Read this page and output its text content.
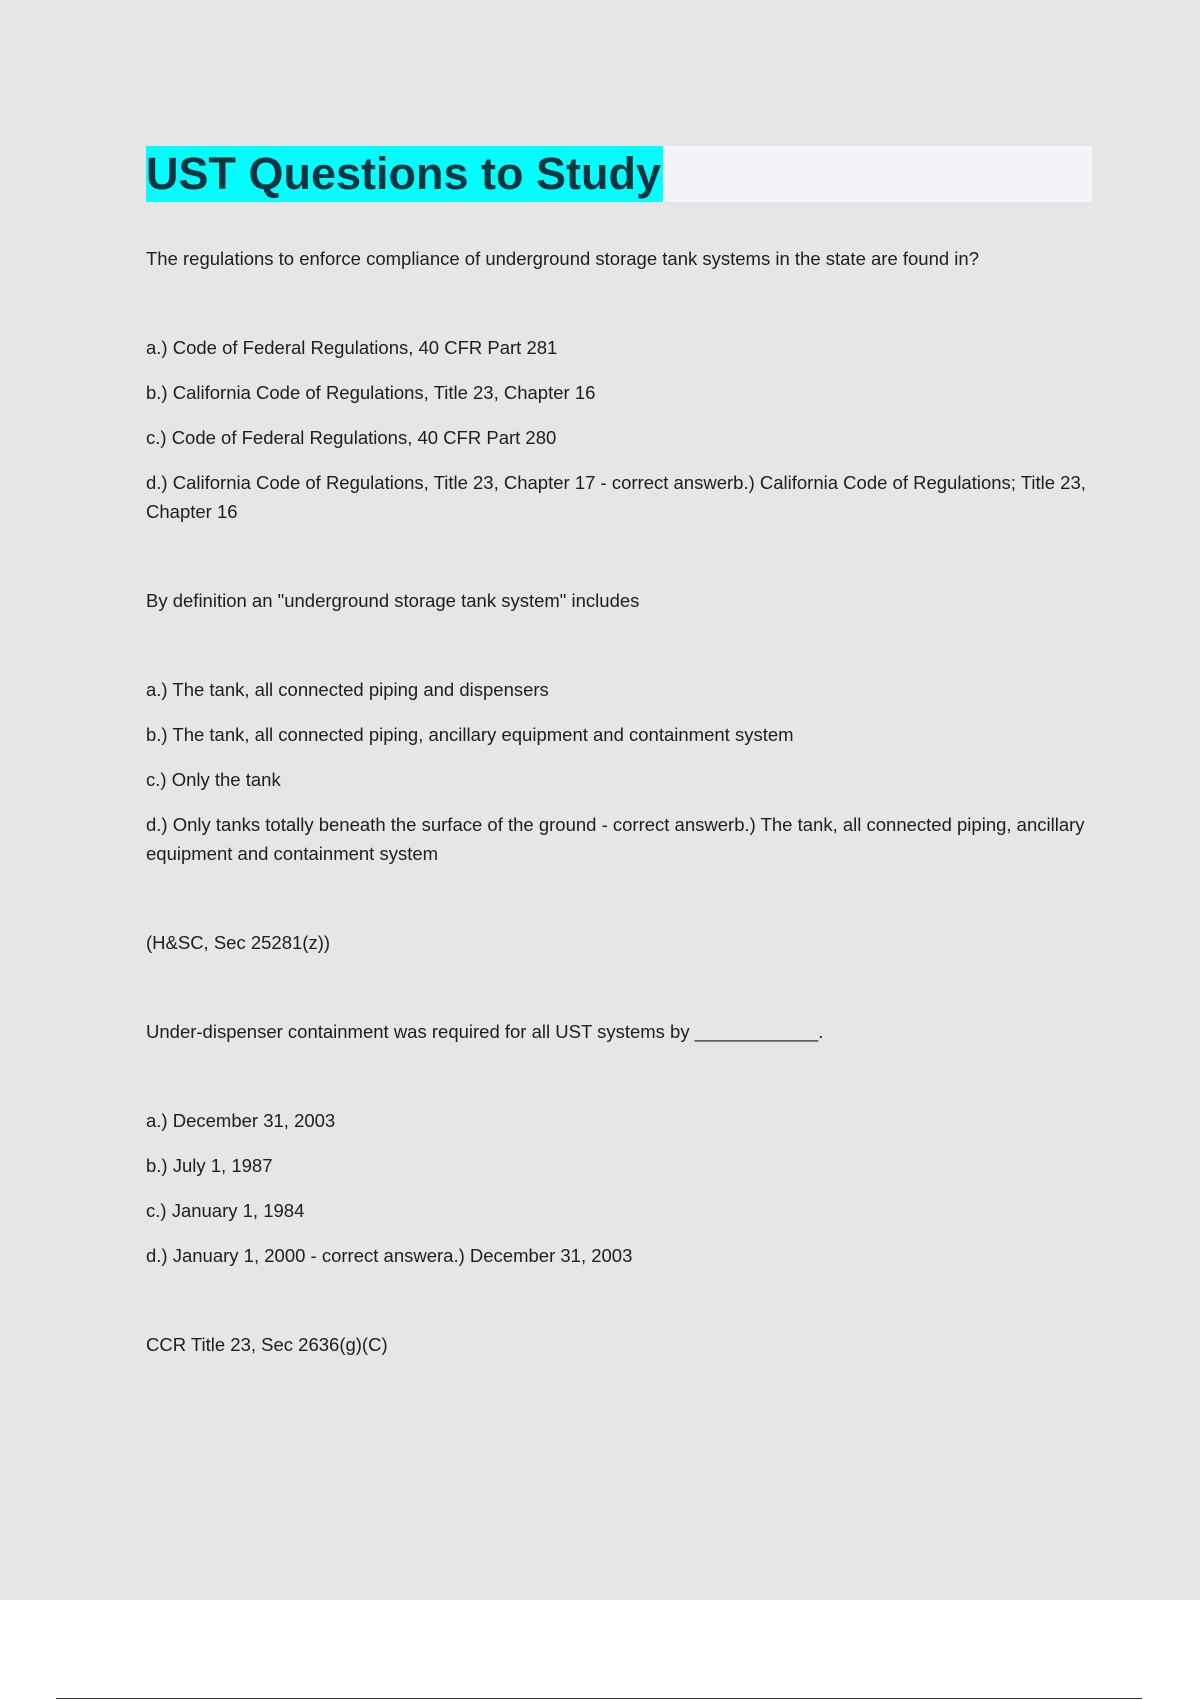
UST Questions to Study
The regulations to enforce compliance of underground storage tank systems in the state are found in?
a.) Code of Federal Regulations, 40 CFR Part 281
b.) California Code of Regulations, Title 23, Chapter 16
c.) Code of Federal Regulations, 40 CFR Part 280
d.) California Code of Regulations, Title 23, Chapter 17 - correct answerb.) California Code of Regulations; Title 23, Chapter 16
By definition an "underground storage tank system" includes
a.) The tank, all connected piping and dispensers
b.) The tank, all connected piping, ancillary equipment and containment system
c.) Only the tank
d.) Only tanks totally beneath the surface of the ground - correct answerb.) The tank, all connected piping, ancillary equipment and containment system
(H&SC, Sec 25281(z))
Under-dispenser containment was required for all UST systems by ____________.
a.) December 31, 2003
b.) July 1, 1987
c.) January 1, 1984
d.) January 1, 2000 - correct answera.) December 31, 2003
CCR Title 23, Sec 2636(g)(C)
